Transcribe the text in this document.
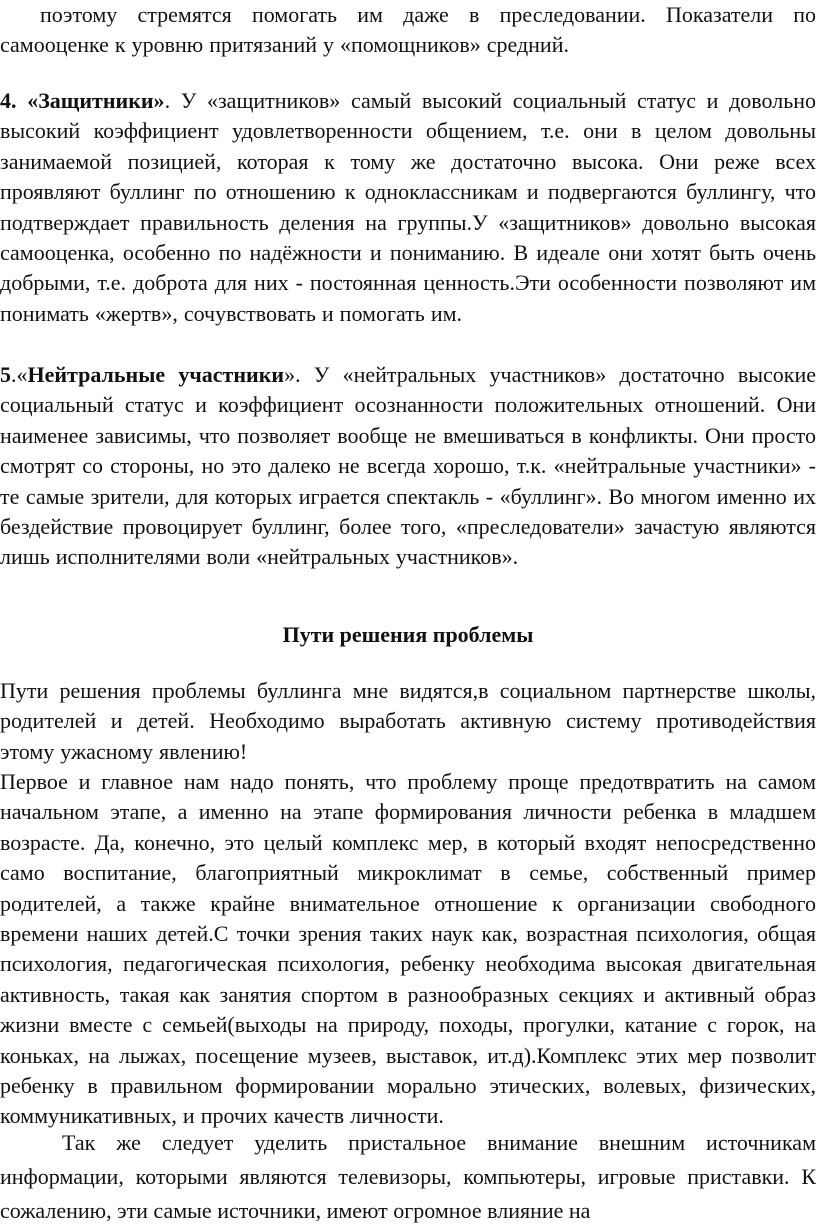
поэтому стремятся помогать им даже в преследовании. Показатели по самооценке к уровню притязаний у «помощников» средний.

4. «Защитники». У «защитников» самый высокий социальный статус и довольно высокий коэффициент удовлетворенности общением, т.е. они в целом довольны занимаемой позицией, которая к тому же достаточно высока. Они реже всех проявляют буллинг по отношению к одноклассникам и подвергаются буллингу, что подтверждает правильность деления на группы.У «защитников» довольно высокая самооценка, особенно по надёжности и пониманию. В идеале они хотят быть очень добрыми, т.е. доброта для них - постоянная ценность.Эти особенности позволяют им понимать «жертв», сочувствовать и помогать им.

5.«Нейтральные участники». У «нейтральных участников» достаточно высокие социальный статус и коэффициент осознанности положительных отношений. Они наименее зависимы, что позволяет вообще не вмешиваться в конфликты. Они просто смотрят со стороны, но это далеко не всегда хорошо, т.к. «нейтральные участники» - те самые зрители, для которых играется спектакль - «буллинг». Во многом именно их бездействие провоцирует буллинг, более того, «преследователи» зачастую являются лишь исполнителями воли «нейтральных участников».

Пути решения проблемы

Пути решения проблемы буллинга мне видятся,в социальном партнерстве школы, родителей и детей. Необходимо выработать активную систему противодействия этому ужасному явлению!

Первое и главное нам надо понять, что проблему проще предотвратить на самом начальном этапе, а именно на этапе формирования личности ребенка в младшем возрасте. Да, конечно, это целый комплекс мер, в который входят непосредственно само воспитание, благоприятный микроклимат в семье, собственный пример родителей, а также крайне внимательное отношение к организации свободного времени наших детей.С точки зрения таких наук как, возрастная психология, общая психология, педагогическая психология, ребенку необходима высокая двигательная активность, такая как занятия спортом в разнообразных секциях и активный образ жизни вместе с семьей(выходы на природу, походы, прогулки, катание с горок, на коньках, на лыжах, посещение музеев, выставок, ит.д).Комплекс этих мер позволит ребенку в правильном формировании морально этических, волевых, физических, коммуникативных, и прочих качеств личности.

Так же следует уделить пристальное внимание внешним источникам информации, которыми являются телевизоры, компьютеры, игровые приставки. К сожалению, эти самые источники, имеют огромное влияние на
